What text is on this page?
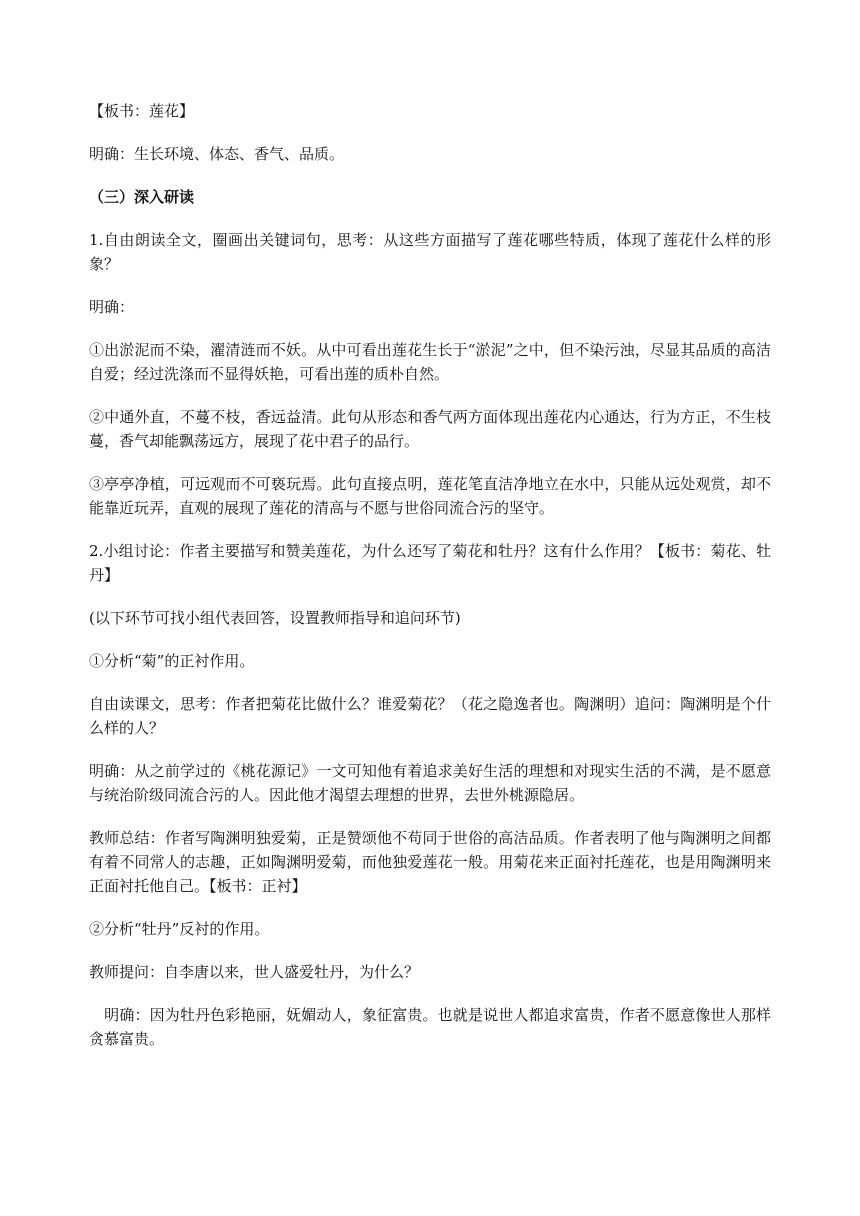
【板书：莲花】

明确：生长环境、体态、香气、品质。

（三）深入研读

1.自由朗读全文，圈画出关键词句，思考：从这些方面描写了莲花哪些特质，体现了莲花什么样的形象？

明确：

①出淤泥而不染，濯清涟而不妖。从中可看出莲花生长于“淤泥”之中，但不染污浊，尽显其品质的高洁自爱；经过洗涤而不显得妖艳，可看出莲的质朴自然。

②中通外直，不蔓不枝，香远益清。此句从形态和香气两方面体现出莲花内心通达，行为方正，不生枝蔓，香气却能飘荡远方，展现了花中君子的品行。

③亭亭净植，可远观而不可亵玩焉。此句直接点明，莲花笔直洁净地立在水中，只能从远处观赏，却不能靠近玩弄，直观的展现了莲花的清高与不愿与世俗同流合污的坚守。

2.小组讨论：作者主要描写和赞美莲花，为什么还写了菊花和牡丹？这有什么作用？【板书：菊花、牡丹】

(以下环节可找小组代表回答，设置教师指导和追问环节)

①分析“菊”的正衬作用。

自由读课文，思考：作者把菊花比做什么？谁爱菊花？（花之隐逸者也。陶渊明）追问：陶渊明是个什么样的人？

明确：从之前学过的《桃花源记》一文可知他有着追求美好生活的理想和对现实生活的不满，是不愿意与统治阶级同流合污的人。因此他才渴望去理想的世界，去世外桃源隐居。

教师总结：作者写陶渊明独爱菊，正是赞颂他不苟同于世俗的高洁品质。作者表明了他与陶渊明之间都有着不同常人的志趣，正如陶渊明爱菊，而他独爱莲花一般。用菊花来正面衬托莲花，也是用陶渊明来正面衬托他自己。【板书：正衬】

②分析“牡丹”反衬的作用。

教师提问：自李唐以来，世人盛爱牡丹，为什么？

　明确：因为牡丹色彩艳丽，妩媚动人，象征富贵。也就是说世人都追求富贵，作者不愿意像世人那样贪慕富贵。
